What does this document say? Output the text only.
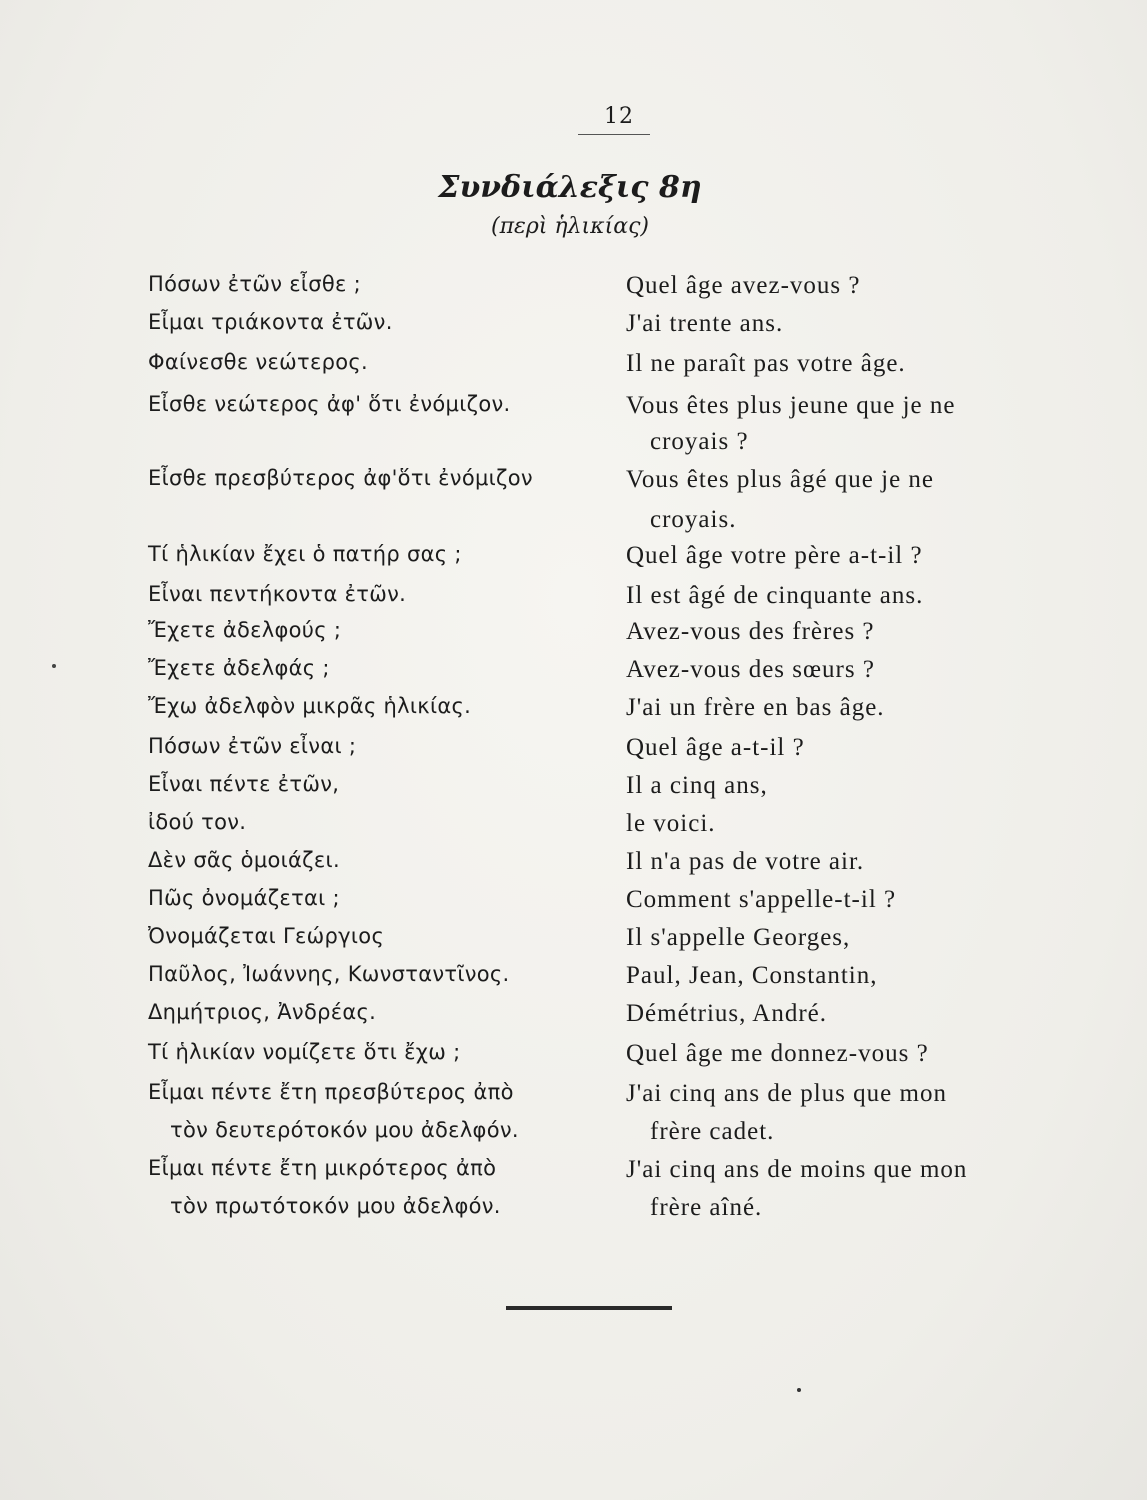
12
Συνδιάλεξις 8η
(περὶ ἡλικίας)
Πόσων ἐτῶν εἶσθε ;	Quel âge avez-vous ?
Εἶμαι τριάκοντα ἐτῶν.	J'ai trente ans.
Φαίνεσθε νεώτερος.	Il ne paraît pas votre âge.
Εἶσθε νεώτερος ἀφ' ὅτι ἐνόμιζον.	Vous êtes plus jeune que je ne
croyais ?
Εἶσθε πρεσβύτερος ἀφ'ὅτι ἐνόμιζον	Vous êtes plus âgé que je ne
croyais.
Τί ἡλικίαν ἔχει ὁ πατήρ σας ;	Quel âge votre père a-t-il ?
Εἶναι πεντήκοντα ἐτῶν.	Il est âgé de cinquante ans.
Ἔχετε ἀδελφούς ;	Avez-vous des frères ?
Ἔχετε ἀδελφάς ;	Avez-vous des sœurs ?
Ἔχω ἀδελφὸν μικρᾶς ἡλικίας.	J'ai un frère en bas âge.
Πόσων ἐτῶν εἶναι ;	Quel âge a-t-il ?
Εἶναι πέντε ἐτῶν,	Il a cinq ans,
ἰδού τον.	le voici.
Δὲν σᾶς ὁμοιάζει.	Il n'a pas de votre air.
Πῶς ὀνομάζεται ;	Comment s'appelle-t-il ?
Ὀνομάζεται Γεώργιος	Il s'appelle Georges,
Παῦλος, Ἰωάννης, Κωνσταντῖνος.	Paul, Jean, Constantin,
Δημήτριος, Ἀνδρέας.	Démétrius, André.
Τί ἡλικίαν νομίζετε ὅτι ἔχω ;	Quel âge me donnez-vous ?
Εἶμαι πέντε ἔτη πρεσβύτερος ἀπὸ	J'ai cinq ans de plus que mon
τὸν δευτερότοκόν μου ἀδελφόν.	frère cadet.
Εἶμαι πέντε ἔτη μικρότερος ἀπὸ	J'ai cinq ans de moins que mon
τὸν πρωτότοκόν μου ἀδελφόν.	frère aîné.
